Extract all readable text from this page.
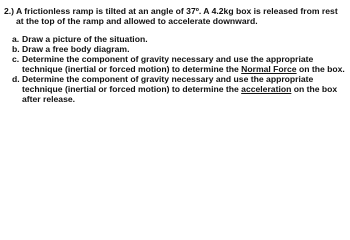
2.) A frictionless ramp is tilted at an angle of 37º. A 4.2kg box is released from rest at the top of the ramp and allowed to accelerate downward.
a. Draw a picture of the situation.
b. Draw a free body diagram.
c. Determine the component of gravity necessary and use the appropriate technique (inertial or forced motion) to determine the Normal Force on the box.
d. Determine the component of gravity necessary and use the appropriate technique (inertial or forced motion) to determine the acceleration on the box after release.
